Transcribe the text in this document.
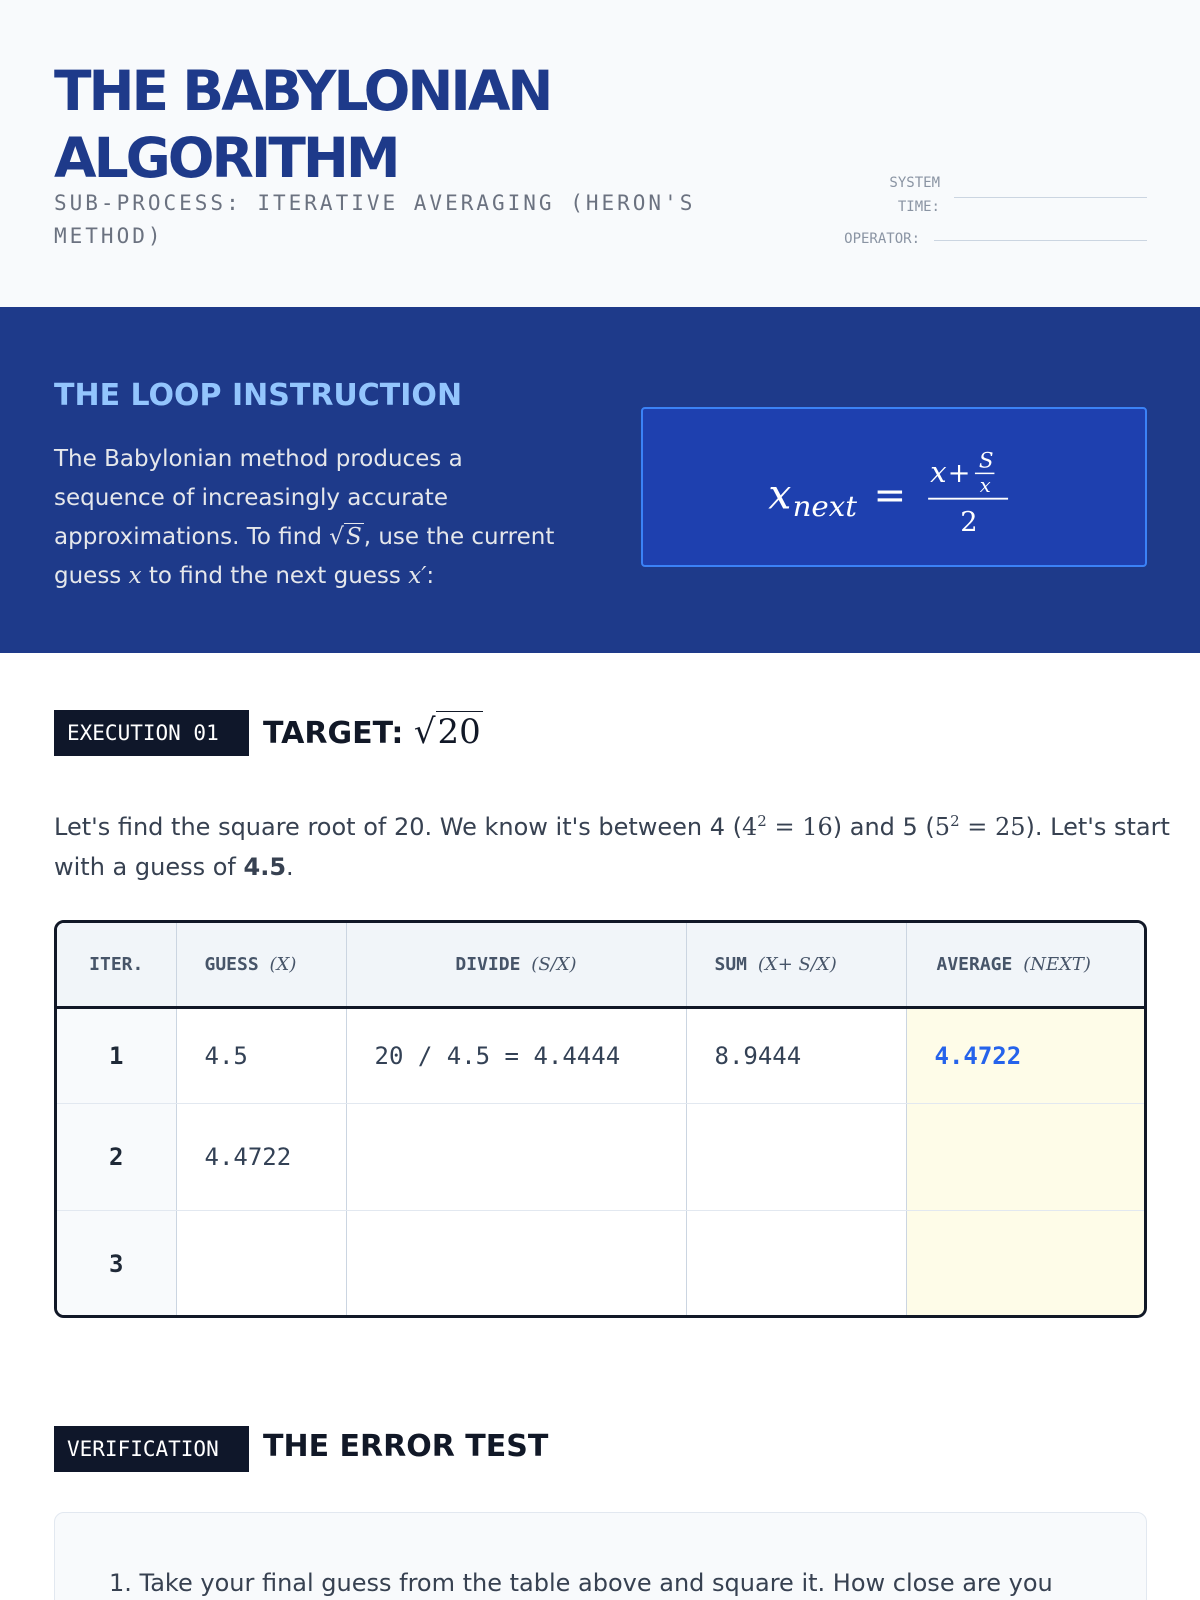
THE BABYLONIAN ALGORITHM
SUB-PROCESS: ITERATIVE AVERAGING (HERON'S METHOD)
SYSTEM
TIME:
OPERATOR:
THE LOOP INSTRUCTION

The Babylonian method produces a sequence of increasingly accurate approximations. To find √S, use the current guess x to find the next guess x′:

x next =
x + S
x
2
EXECUTION 01	TARGET: √20

Let's find the square root of 20. We know it's between 4 $(4^2 = 16)$ and 5 $(5^2 = 25)$. Let's start with a guess of 4.5.

ITER.	GUESS (X)	DIVIDE (S/X)	SUM (X+ S/X)	AVERAGE (NEXT)
1	4.5	20 / 4.5 = 4.4444	8.9444	4.4722
2	4.4722			
3				
VERIFICATION	THE ERROR TEST
1. Take your final guess from the table above and square it. How close are you
